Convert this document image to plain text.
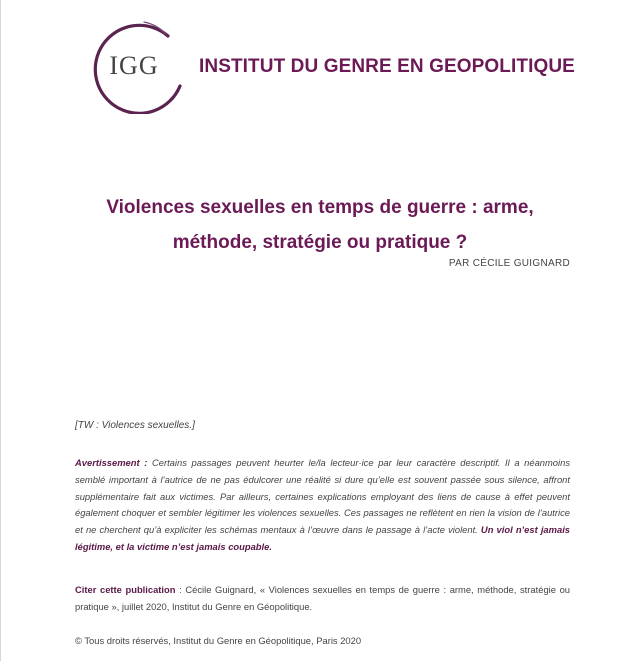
IGG INSTITUT DU GENRE EN GEOPOLITIQUE
Violences sexuelles en temps de guerre : arme,
méthode, stratégie ou pratique ?
PAR CÉCILE GUIGNARD
[TW : Violences sexuelles.]
Avertissement : Certains passages peuvent heurter le/la lecteur·ice par leur caractère descriptif. Il a néanmoins semblé important à l’autrice de ne pas édulcorer une réalité si dure qu’elle est souvent passée sous silence, affront supplémentaire fait aux victimes. Par ailleurs, certaines explications employant des liens de cause à effet peuvent également choquer et sembler légitimer les violences sexuelles. Ces passages ne reflètent en rien la vision de l’autrice et ne cherchent qu’à expliciter les schémas mentaux à l’œuvre dans le passage à l’acte violent. Un viol n’est jamais légitime, et la victime n’est jamais coupable.
Citer cette publication : Cécile Guignard, « Violences sexuelles en temps de guerre : arme, méthode, stratégie ou pratique », juillet 2020, Institut du Genre en Géopolitique.
© Tous droits réservés, Institut du Genre en Géopolitique, Paris 2020
